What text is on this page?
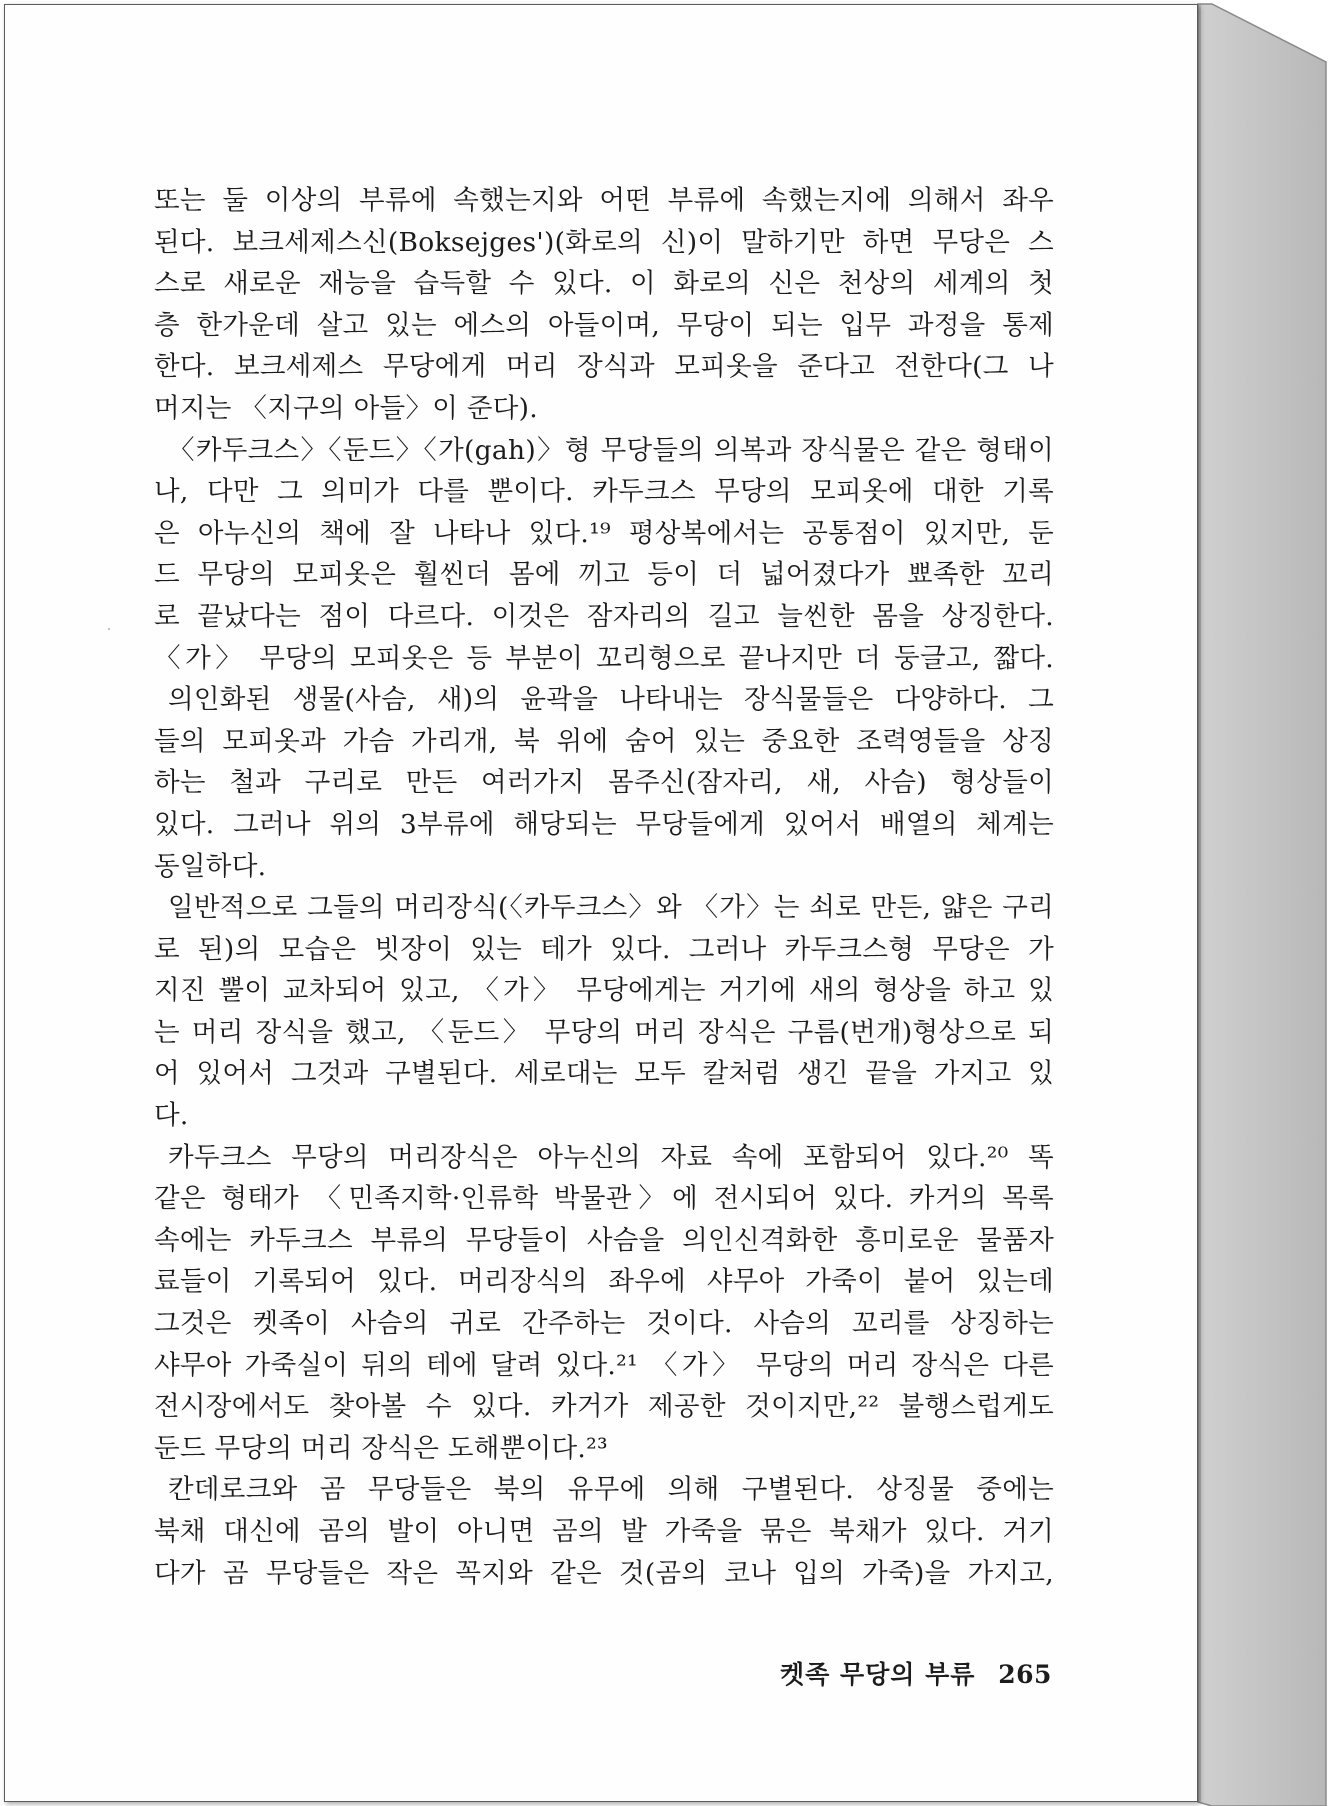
또는 둘 이상의 부류에 속했는지와 어떤 부류에 속했는지에 의해서 좌우
된다. 보크세제스신(Boksejges')(화로의 신)이 말하기만 하면 무당은 스
스로 새로운 재능을 습득할 수 있다. 이 화로의 신은 천상의 세계의 첫
층 한가운데 살고 있는 에스의 아들이며, 무당이 되는 입무 과정을 통제
한다. 보크세제스 무당에게 머리 장식과 모피옷을 준다고 전한다(그 나
머지는 〈지구의 아들〉이 준다).
〈카두크스〉〈둔드〉〈가(gah)〉형 무당들의 의복과 장식물은 같은 형태이
나, 다만 그 의미가 다를 뿐이다. 카두크스 무당의 모피옷에 대한 기록
은 아누신의 책에 잘 나타나 있다.¹⁹ 평상복에서는 공통점이 있지만, 둔
드 무당의 모피옷은 훨씬더 몸에 끼고 등이 더 넓어졌다가 뾰족한 꼬리
로 끝났다는 점이 다르다. 이것은 잠자리의 길고 늘씬한 몸을 상징한다.
〈가〉 무당의 모피옷은 등 부분이 꼬리형으로 끝나지만 더 둥글고, 짧다.
의인화된 생물(사슴, 새)의 윤곽을 나타내는 장식물들은 다양하다. 그
들의 모피옷과 가슴 가리개, 북 위에 숨어 있는 중요한 조력영들을 상징
하는 철과 구리로 만든 여러가지 몸주신(잠자리, 새, 사슴) 형상들이
있다. 그러나 위의 3부류에 해당되는 무당들에게 있어서 배열의 체계는
동일하다.
일반적으로 그들의 머리장식(〈카두크스〉와 〈가〉는 쇠로 만든, 얇은 구리
로 된)의 모습은 빗장이 있는 테가 있다. 그러나 카두크스형 무당은 가
지진 뿔이 교차되어 있고, 〈가〉 무당에게는 거기에 새의 형상을 하고 있
는 머리 장식을 했고, 〈둔드〉 무당의 머리 장식은 구름(번개)형상으로 되
어 있어서 그것과 구별된다. 세로대는 모두 칼처럼 생긴 끝을 가지고 있
다.
카두크스 무당의 머리장식은 아누신의 자료 속에 포함되어 있다.²⁰ 똑
같은 형태가 〈민족지학·인류학 박물관〉에 전시되어 있다. 카거의 목록
속에는 카두크스 부류의 무당들이 사슴을 의인신격화한 흥미로운 물품자
료들이 기록되어 있다. 머리장식의 좌우에 샤무아 가죽이 붙어 있는데
그것은 켓족이 사슴의 귀로 간주하는 것이다. 사슴의 꼬리를 상징하는
샤무아 가죽실이 뒤의 테에 달려 있다.²¹ 〈가〉 무당의 머리 장식은 다른
전시장에서도 찾아볼 수 있다. 카거가 제공한 것이지만,²² 불행스럽게도
둔드 무당의 머리 장식은 도해뿐이다.²³
칸데로크와 곰 무당들은 북의 유무에 의해 구별된다. 상징물 중에는
북채 대신에 곰의 발이 아니면 곰의 발 가죽을 묶은 북채가 있다. 거기
다가 곰 무당들은 작은 꼭지와 같은 것(곰의 코나 입의 가죽)을 가지고,
켓족 무당의 부류 265
